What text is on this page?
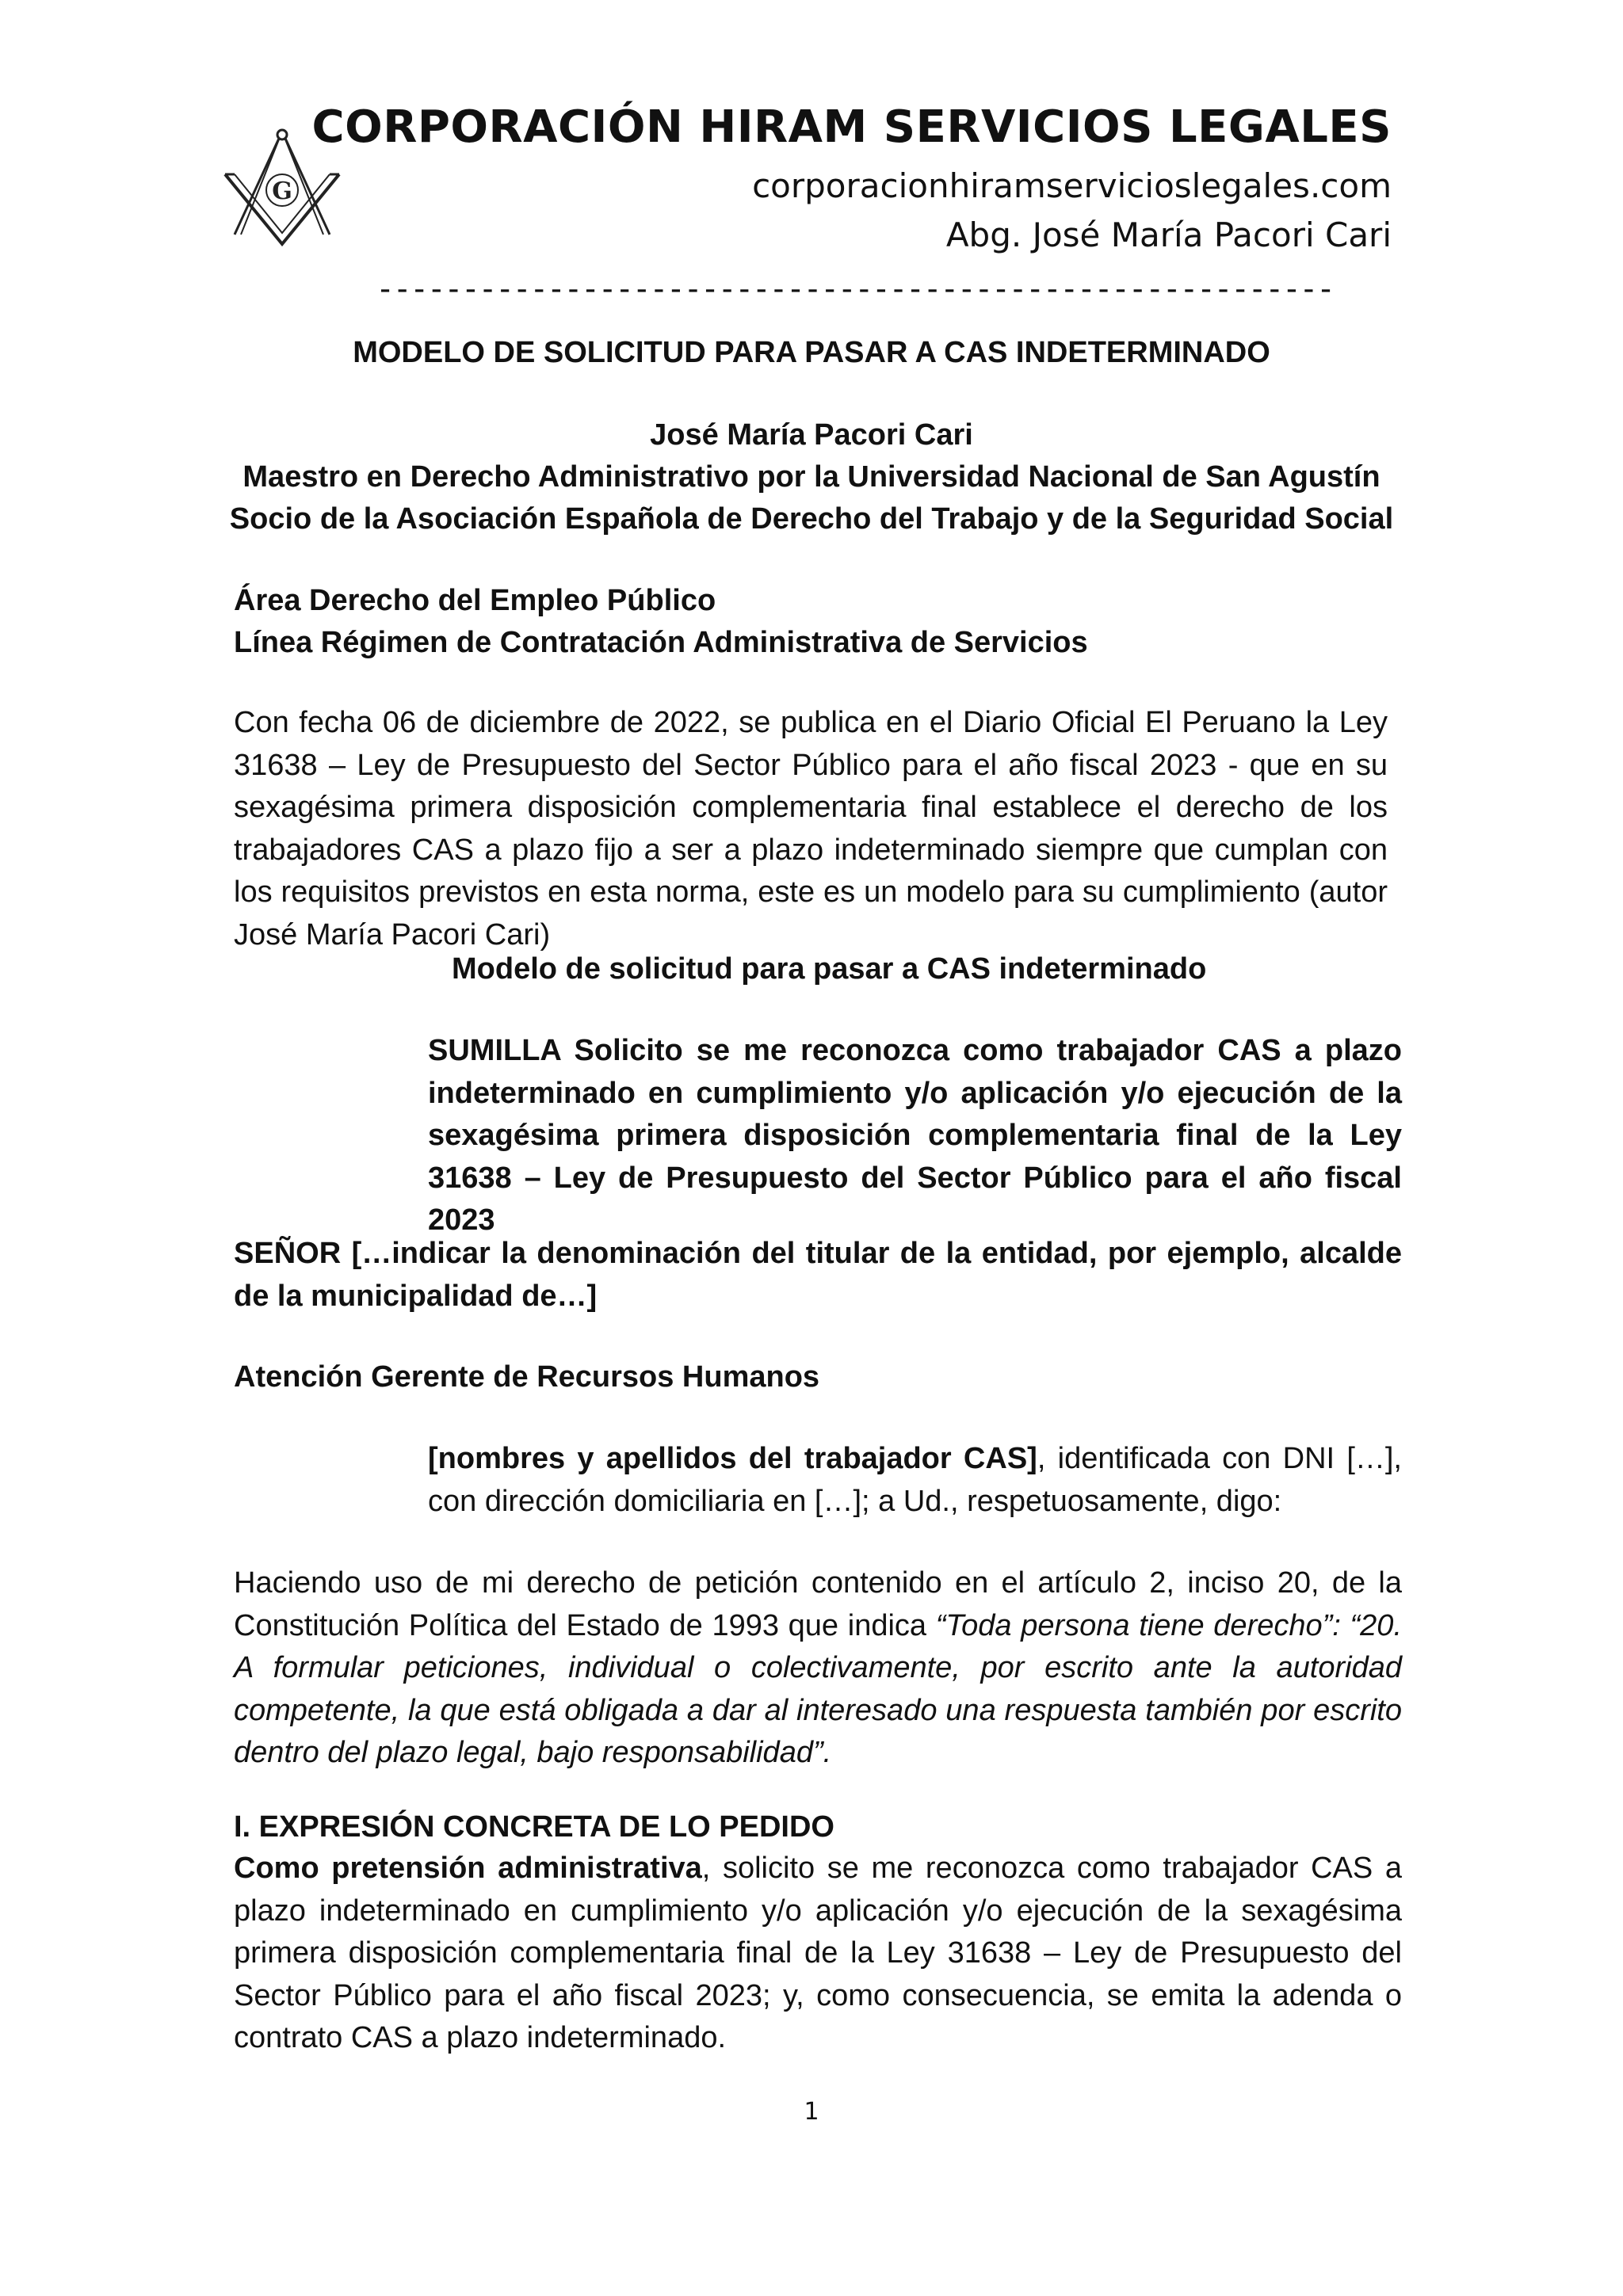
G
CORPORACIÓN HIRAM SERVICIOS LEGALES
corporacionhiramservicioslegales.com
Abg. José María Pacori Cari
--------------------------------------------------------
MODELO DE SOLICITUD PARA PASAR A CAS INDETERMINADO
José María Pacori Cari
Maestro en Derecho Administrativo por la Universidad Nacional de San Agustín
Socio de la Asociación Española de Derecho del Trabajo y de la Seguridad Social
Área Derecho del Empleo Público
Línea Régimen de Contratación Administrativa de Servicios
Con fecha 06 de diciembre de 2022, se publica en el Diario Oficial El Peruano la Ley 31638 – Ley de Presupuesto del Sector Público para el año fiscal 2023 - que en su sexagésima primera disposición complementaria final establece el derecho de los trabajadores CAS a plazo fijo a ser a plazo indeterminado siempre que cumplan con los requisitos previstos en esta norma, este es un modelo para su cumplimiento (autor José María Pacori Cari)
Modelo de solicitud para pasar a CAS indeterminado
SUMILLA Solicito se me reconozca como trabajador CAS a plazo indeterminado en cumplimiento y/o aplicación y/o ejecución de la sexagésima primera disposición complementaria final de la Ley 31638 – Ley de Presupuesto del Sector Público para el año fiscal 2023
SEÑOR […indicar la denominación del titular de la entidad, por ejemplo, alcalde de la municipalidad de…]
Atención Gerente de Recursos Humanos
[nombres y apellidos del trabajador CAS], identificada con DNI […], con dirección domiciliaria en […]; a Ud., respetuosamente, digo:
Haciendo uso de mi derecho de petición contenido en el artículo 2, inciso 20, de la Constitución Política del Estado de 1993 que indica “Toda persona tiene derecho”: “20. A formular peticiones, individual o colectivamente, por escrito ante la autoridad competente, la que está obligada a dar al interesado una respuesta también por escrito dentro del plazo legal, bajo responsabilidad”.
I. EXPRESIÓN CONCRETA DE LO PEDIDO
Como pretensión administrativa, solicito se me reconozca como trabajador CAS a plazo indeterminado en cumplimiento y/o aplicación y/o ejecución de la sexagésima primera disposición complementaria final de la Ley 31638 – Ley de Presupuesto del Sector Público para el año fiscal 2023; y, como consecuencia, se emita la adenda o contrato CAS a plazo indeterminado.
1
